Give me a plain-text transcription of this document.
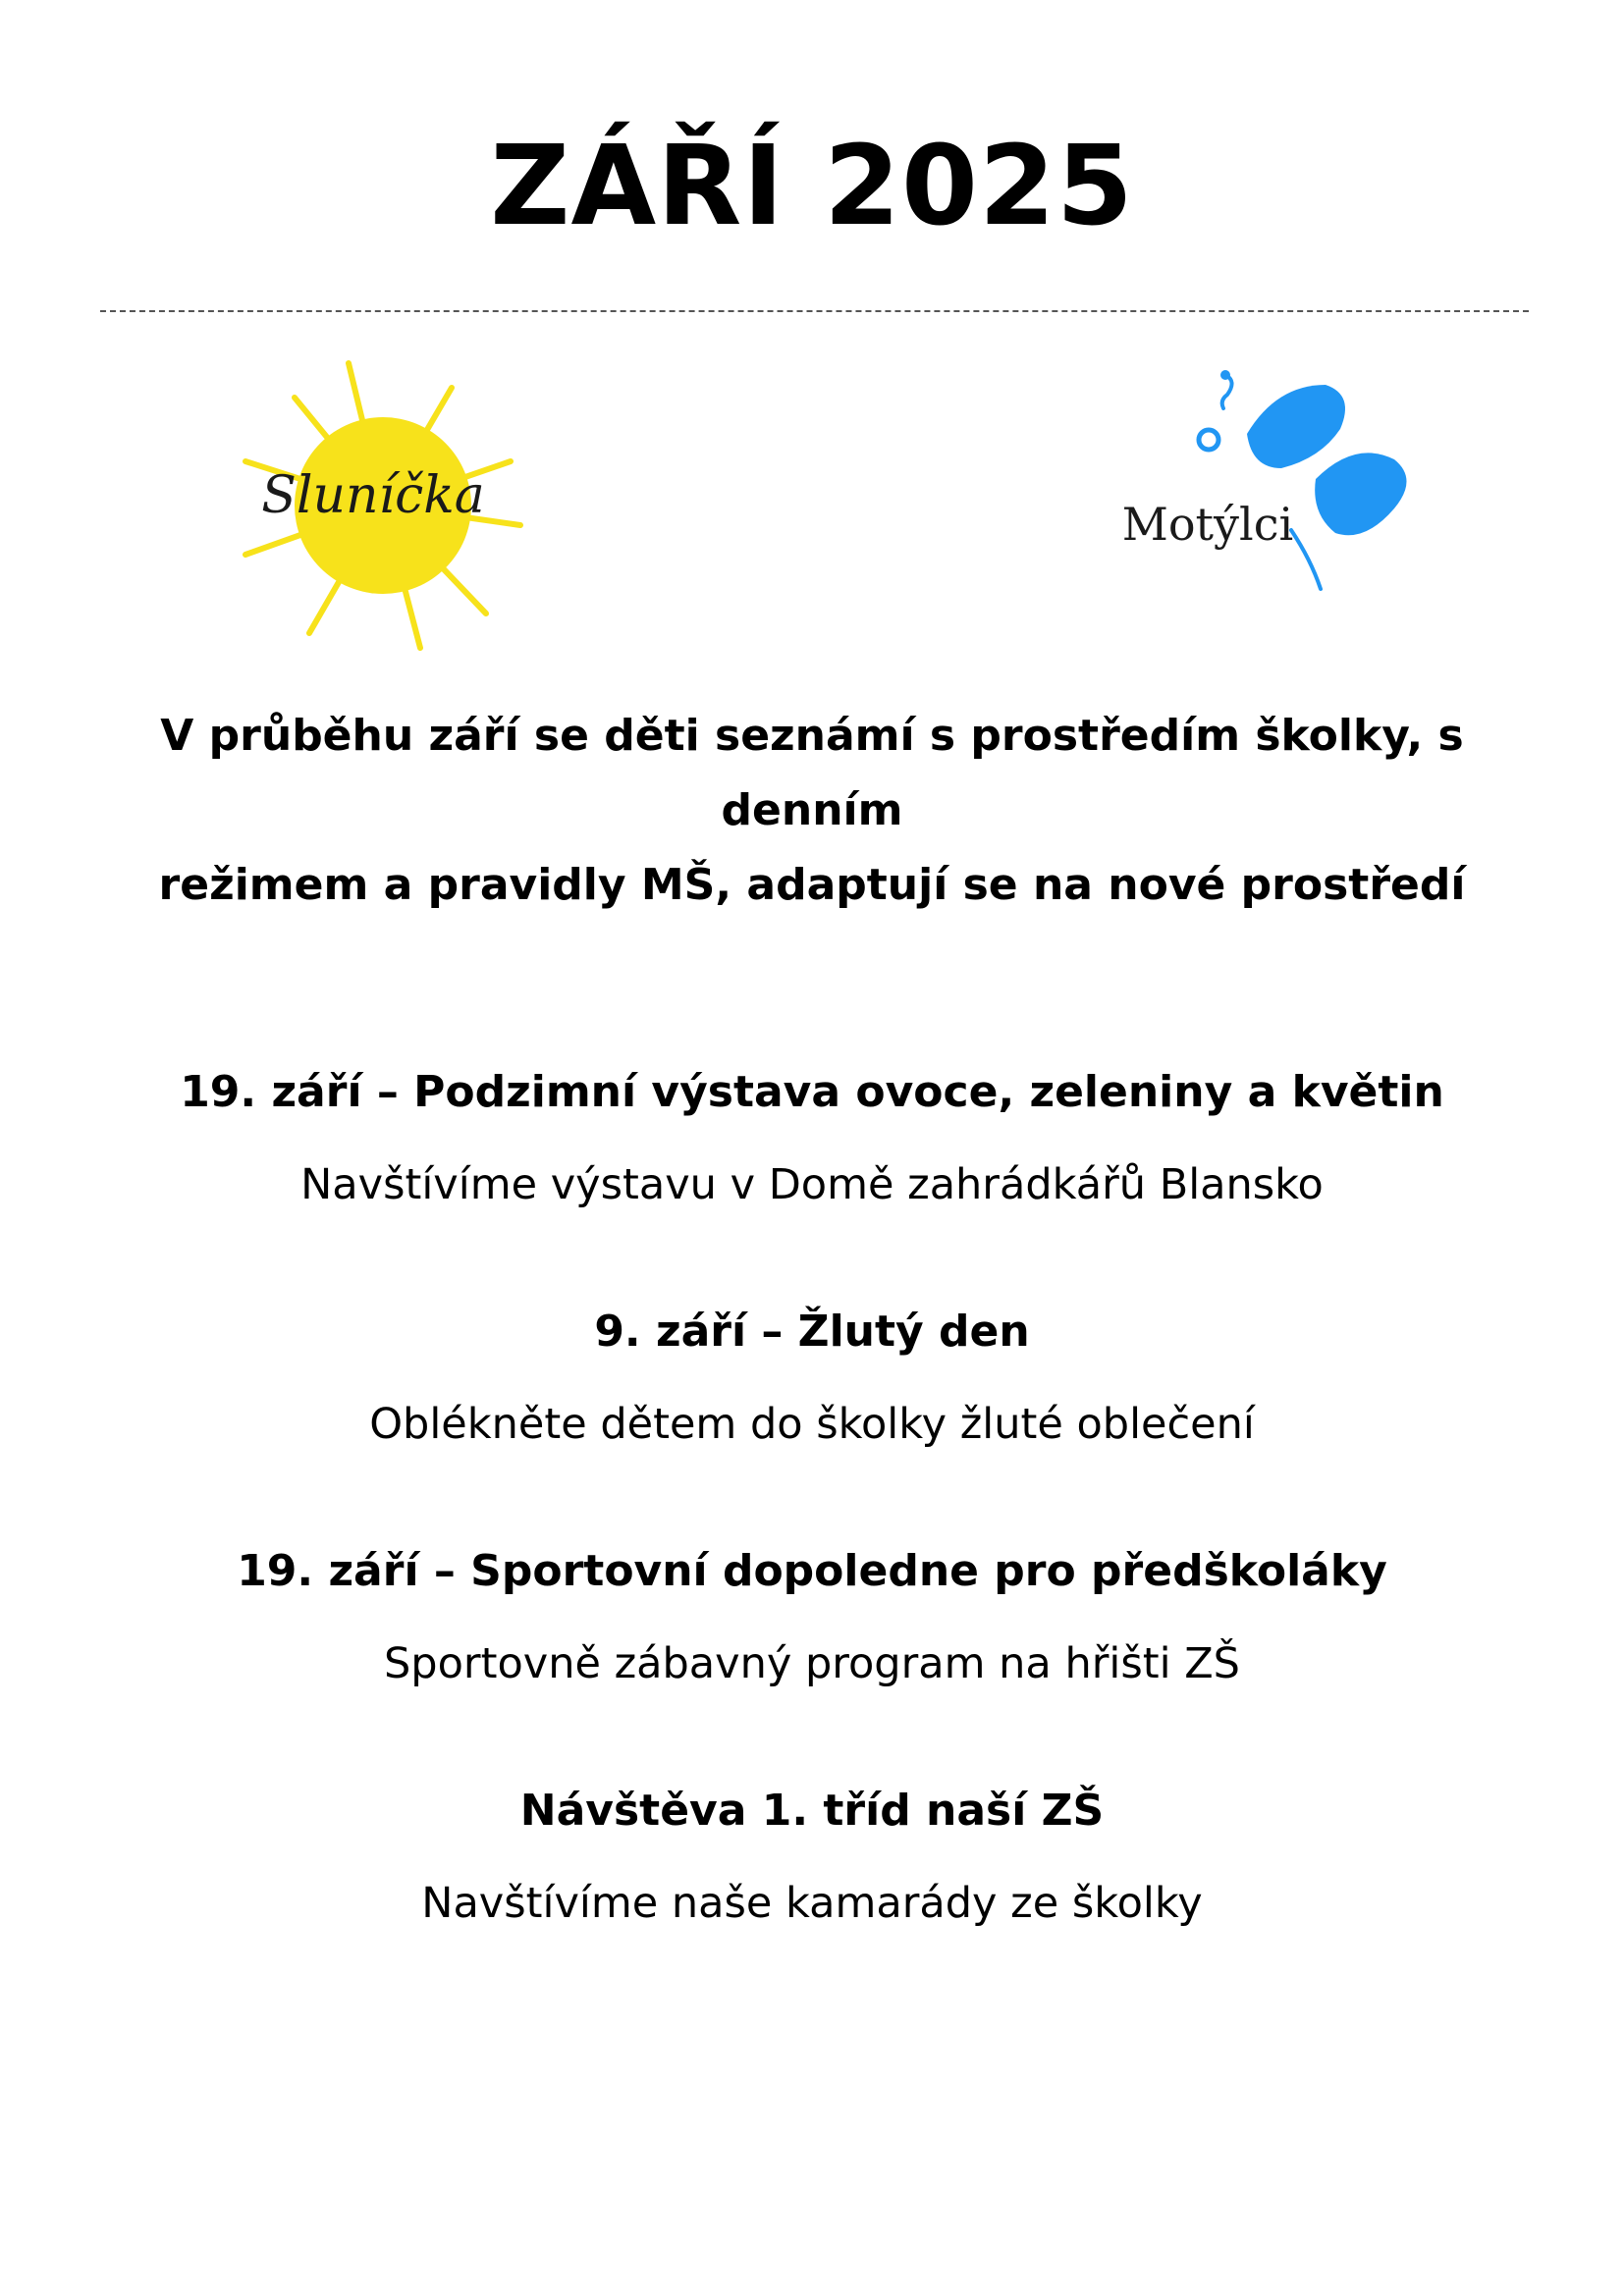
ZÁŘÍ 2025
Sluníčka	Motýlci
V průběhu září se děti seznámí s prostředím školky, s denním
režimem a pravidly MŠ, adaptují se na nové prostředí
19. září – Podzimní výstava ovoce, zeleniny a květin
Navštívíme výstavu v Domě zahrádkářů Blansko
9. září – Žlutý den
Oblékněte dětem do školky žluté oblečení
19. září – Sportovní dopoledne pro předškoláky
Sportovně zábavný program na hřišti ZŠ
Návštěva 1. tříd naší ZŠ
Navštívíme naše kamarády ze školky
